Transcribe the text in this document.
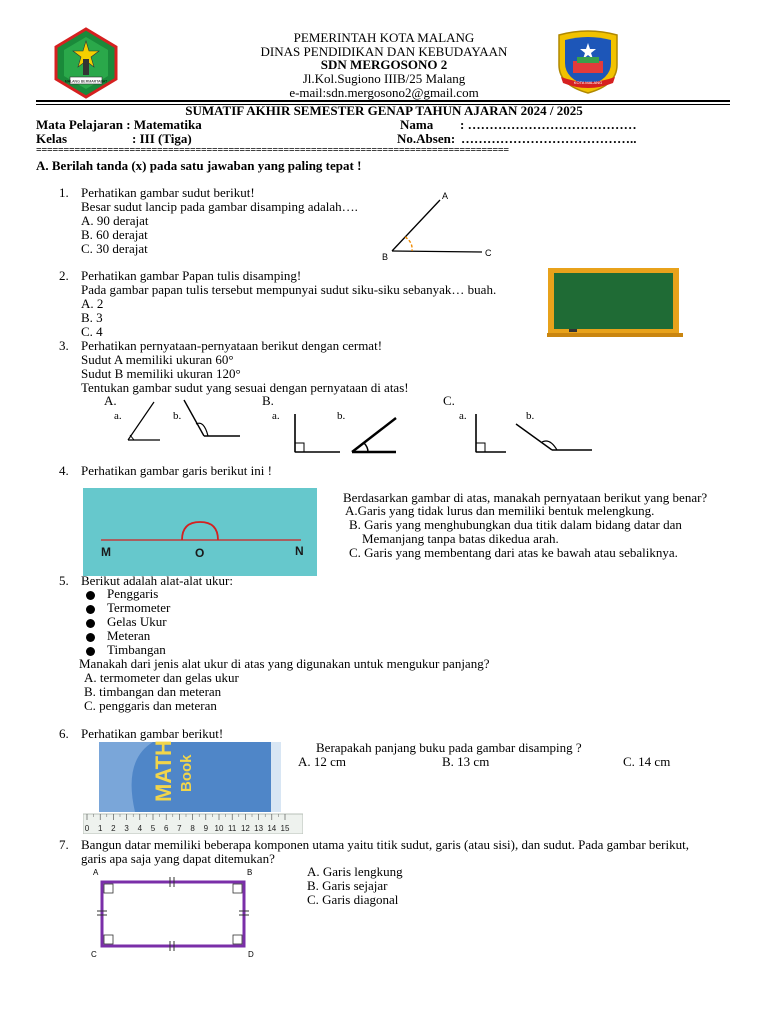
MALANG BERMARTABAT	KOTA MALANG
PEMERINTAH KOTA MALANG
DINAS PENDIDIKAN DAN KEBUDAYAAN
SDN MERGOSONO 2
Jl.Kol.Sugiono IIIB/25 Malang
e-mail:sdn.mergosono2@gmail.com
SUMATIF AKHIR SEMESTER GENAP TAHUN AJARAN 2024 / 2025
Mata Pelajaran : Matematika
Kelas	: III (Tiga)
Nama : …………………………………
No.Absen: …………………………………..
======================================================================================
A. Berilah tanda (x) pada satu jawaban yang paling tepat !
1. Perhatikan gambar sudut berikut!
Besar sudut lancip pada gambar disamping adalah….
A. 90 derajat
B. 60 derajat
C. 30 derajat
A
B	C
2. Perhatikan gambar Papan tulis disamping!
Pada gambar papan tulis tersebut mempunyai sudut siku-siku sebanyak… buah.
A. 2
B. 3
C. 4
3. Perhatikan pernyataan-pernyataan berikut dengan cermat!
Sudut A memiliki ukuran 60°
Sudut B memiliki ukuran 120°
Tentukan gambar sudut yang sesuai dengan pernyataan di atas!
A.	B.	C.
a.	b.	a.	b.	a.	b.
4. Perhatikan gambar garis berikut ini !
M	O	N
Berdasarkan gambar di atas, manakah pernyataan berikut yang benar?
A.Garis yang tidak lurus dan memiliki bentuk melengkung.
B. Garis yang menghubungkan dua titik dalam bidang datar dan
Memanjang tanpa batas dikedua arah.
C. Garis yang membentang dari atas ke bawah atau sebaliknya.
5. Berikut adalah alat-alat ukur:
Penggaris
Termometer
Gelas Ukur
Meteran
Timbangan
Manakah dari jenis alat ukur di atas yang digunakan untuk mengukur panjang?
A. termometer dan gelas ukur
B. timbangan dan meteran
C. penggaris dan meteran
6. Perhatikan gambar berikut!
MATH Book
0 1 2 3 4 5 6 7 8 9 10 11 12 13 14 15
Berapakah panjang buku pada gambar disamping ?
A. 12 cm	B. 13 cm	C. 14 cm
7. Bangun datar memiliki beberapa komponen utama yaitu titik sudut, garis (atau sisi), dan sudut. Pada gambar berikut,
garis apa saja yang dapat ditemukan?
A	B
C	D
A. Garis lengkung
B. Garis sejajar
C. Garis diagonal
